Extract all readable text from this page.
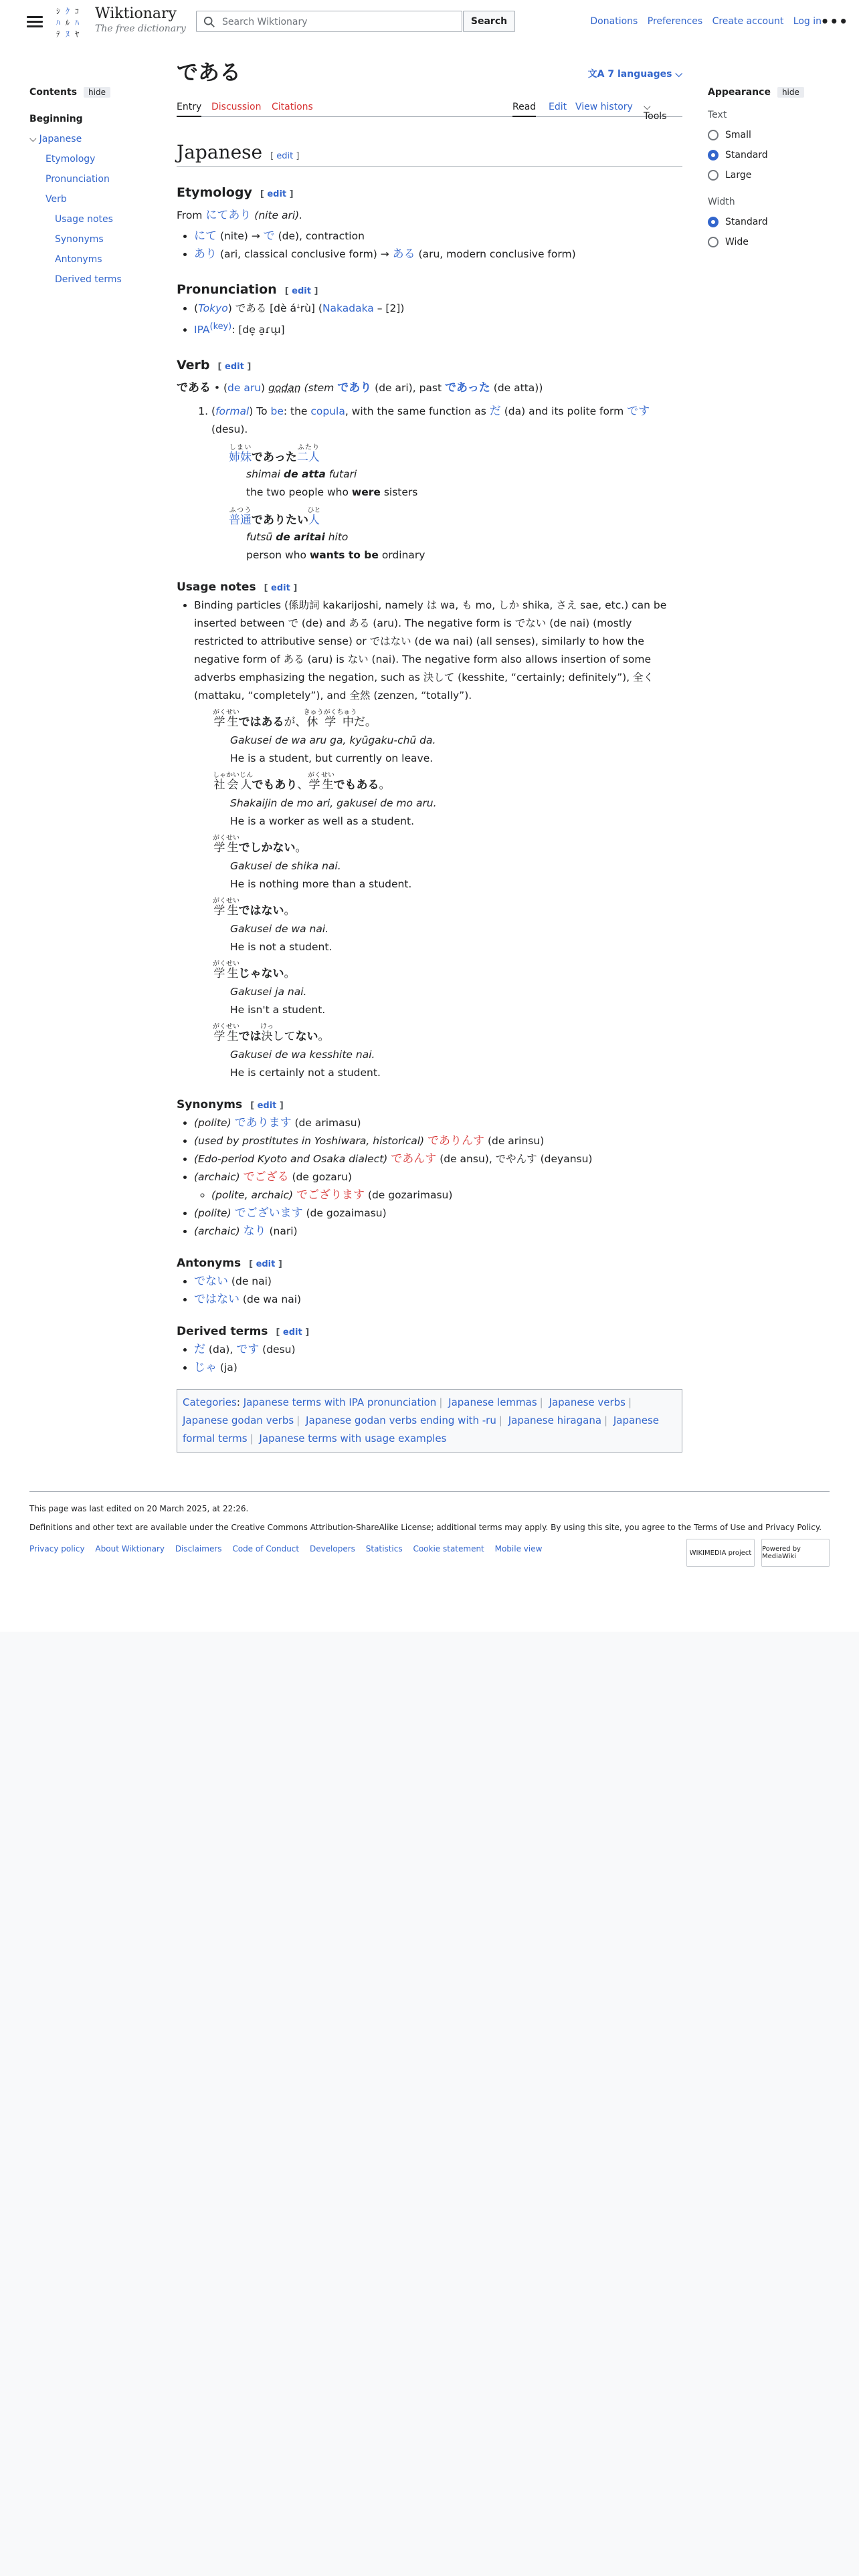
ｼ ｸ ｺ
ﾊ ﾙ ﾊ
ﾃ ﾇ ﾔ
Wiktionary
The free dictionary
Search Wiktionary
Search	Donations Preferences Create account Log in
•••
Contents hide
Beginning
⌵ Japanese
Etymology
Pronunciation
Verb
Usage notes
Synonyms
Antonyms
Derived terms
である	文A 7 languages ⌵
Entry Discussion Citations	Read Edit View history
Tools
⌵
Japanese [ edit ]
Etymology [ edit ]
From にてあり (nite ari).
• にて (nite) → で (de), contraction
• あり (ari, classical conclusive form) → ある (aru, modern conclusive form)
Pronunciation [ edit ]
• (Tokyo) である [dè áꜜrù] (Nakadaka – [2])
• IPA$^{(key)}$: [de̞ a̠ɾɯ̟]
Verb [ edit ]
である • (de aru) godan (stem であり (de ari), past であった (de atta))
1. (formal) To be: the copula, with the same function as だ (da) and its polite form です (desu).
姉妹しまいであった二人ふたり
shimai de atta futari
the two people who were sisters
普通ふつうでありたい人ひと
futsū de aritai hito
person who wants to be ordinary
Usage notes [ edit ]
• Binding particles (係助詞 kakarijoshi, namely は wa, も mo, しか shika, さえ sae, etc.) can be inserted between で (de) and ある (aru). The negative form is でない (de nai) (mostly restricted to attributive sense) or ではない (de wa nai) (all senses), similarly to how the negative form of ある (aru) is ない (nai). The negative form also allows insertion of some adverbs emphasizing the negation, such as 決して (kesshite, “certainly; definitely”), 全く (mattaku, “completely”), and 全然 (zenzen, “totally”).
学生がくせいではあるが、休学中きゅうがくちゅうだ。
Gakusei de wa aru ga, kyūgaku-chū da.
He is a student, but currently on leave.
社会人しゃかいじんでもあり、学生がくせいでもある。
Shakaijin de mo ari, gakusei de mo aru.
He is a worker as well as a student.
学生がくせいでしかない。
Gakusei de shika nai.
He is nothing more than a student.
学生がくせいではない。
Gakusei de wa nai.
He is not a student.
学生がくせいじゃない。
Gakusei ja nai.
He isn't a student.
学生がくせいでは決けっしてない。
Gakusei de wa kesshite nai.
He is certainly not a student.
Synonyms [ edit ]
• (polite) であります (de arimasu)
• (used by prostitutes in Yoshiwara, historical) でありんす (de arinsu)
• (Edo-period Kyoto and Osaka dialect) であんす (de ansu), でやんす (deyansu)
• (archaic) でござる (de gozaru)
◦ (polite, archaic) でござります (de gozarimasu)
• (polite) でございます (de gozaimasu)
• (archaic) なり (nari)
Antonyms [ edit ]
• でない (de nai)
• ではない (de wa nai)
Derived terms [ edit ]
• だ (da), です (desu)
• じゃ (ja)
Categories: Japanese terms with IPA pronunciation | Japanese lemmas | Japanese verbs | Japanese godan verbs | Japanese godan verbs ending with -ru | Japanese hiragana | Japanese formal terms | Japanese terms with usage examples
Appearance hide
Text
Small
Standard
Large
Width
Standard
Wide
This page was last edited on 20 March 2025, at 22:26.
Definitions and other text are available under the Creative Commons Attribution-ShareAlike License; additional terms may apply. By using this site, you agree to the Terms of Use and Privacy Policy.
Privacy policy About Wiktionary Disclaimers Code of Conduct Developers Statistics Cookie statement Mobile view	WIKIMEDIA project	Powered by MediaWiki
